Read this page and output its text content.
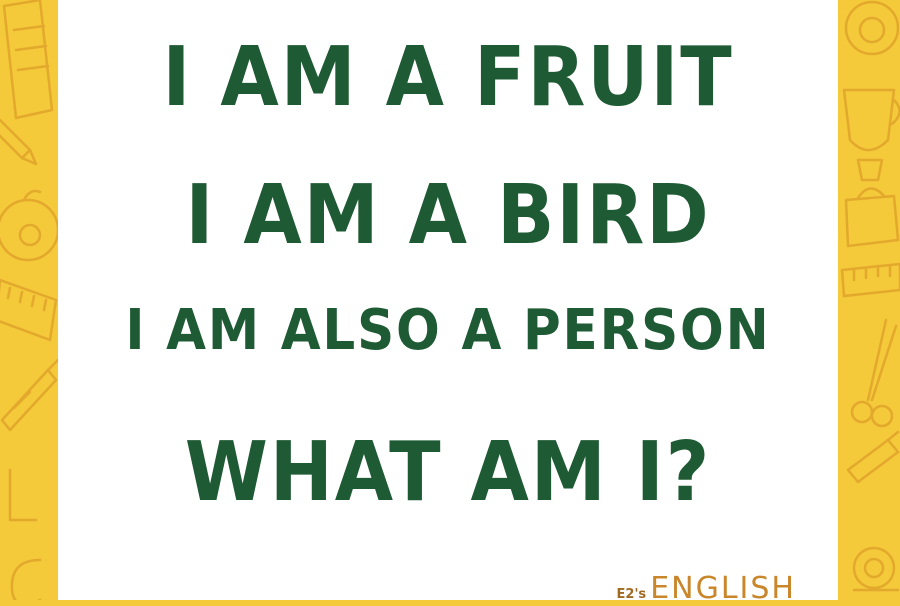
I AM A FRUIT
I AM A BIRD
I AM ALSO A PERSON
WHAT AM I?
E2's ENGLISH
